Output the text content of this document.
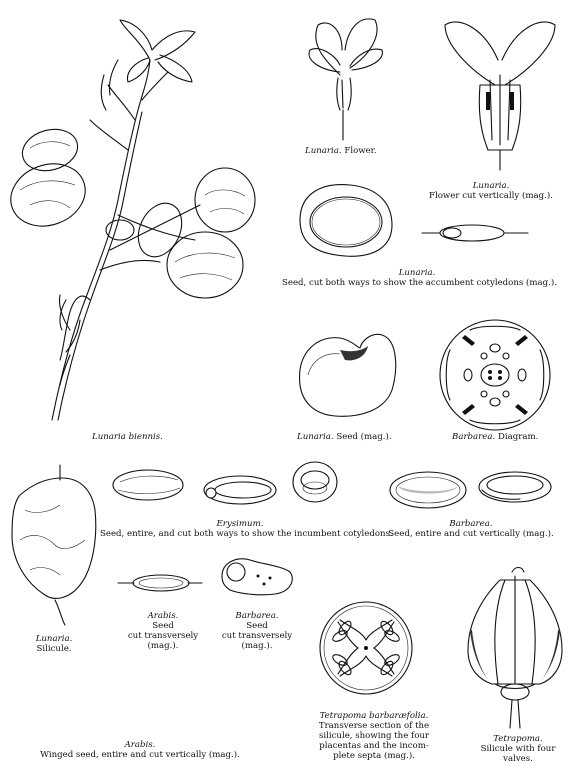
Lunaria biennis.
Lunaria. Flower.
Lunaria.
Flower cut vertically (mag.).
Lunaria.
Seed, cut both ways to show the accumbent cotyledons (mag.).
Lunaria. Seed (mag.).	Barbarea. Diagram.
Erysimum.
Seed, entire, and cut both ways to show the incumbent cotyledons.
Barbarea.
Seed, entire and cut vertically (mag.).
Lunaria.
Silicule.
Arabis.
Seed
cut transversely
(mag.).
Barbarea.
Seed
cut transversely
(mag.).
Arabis.
Winged seed, entire and cut vertically (mag.).
Tetrapoma barbaræfolia.
Transverse section of the
silicule, showing the four
placentas and the incom-
plete septa (mag.).
Tetrapoma.
Silicule with four
valves.
